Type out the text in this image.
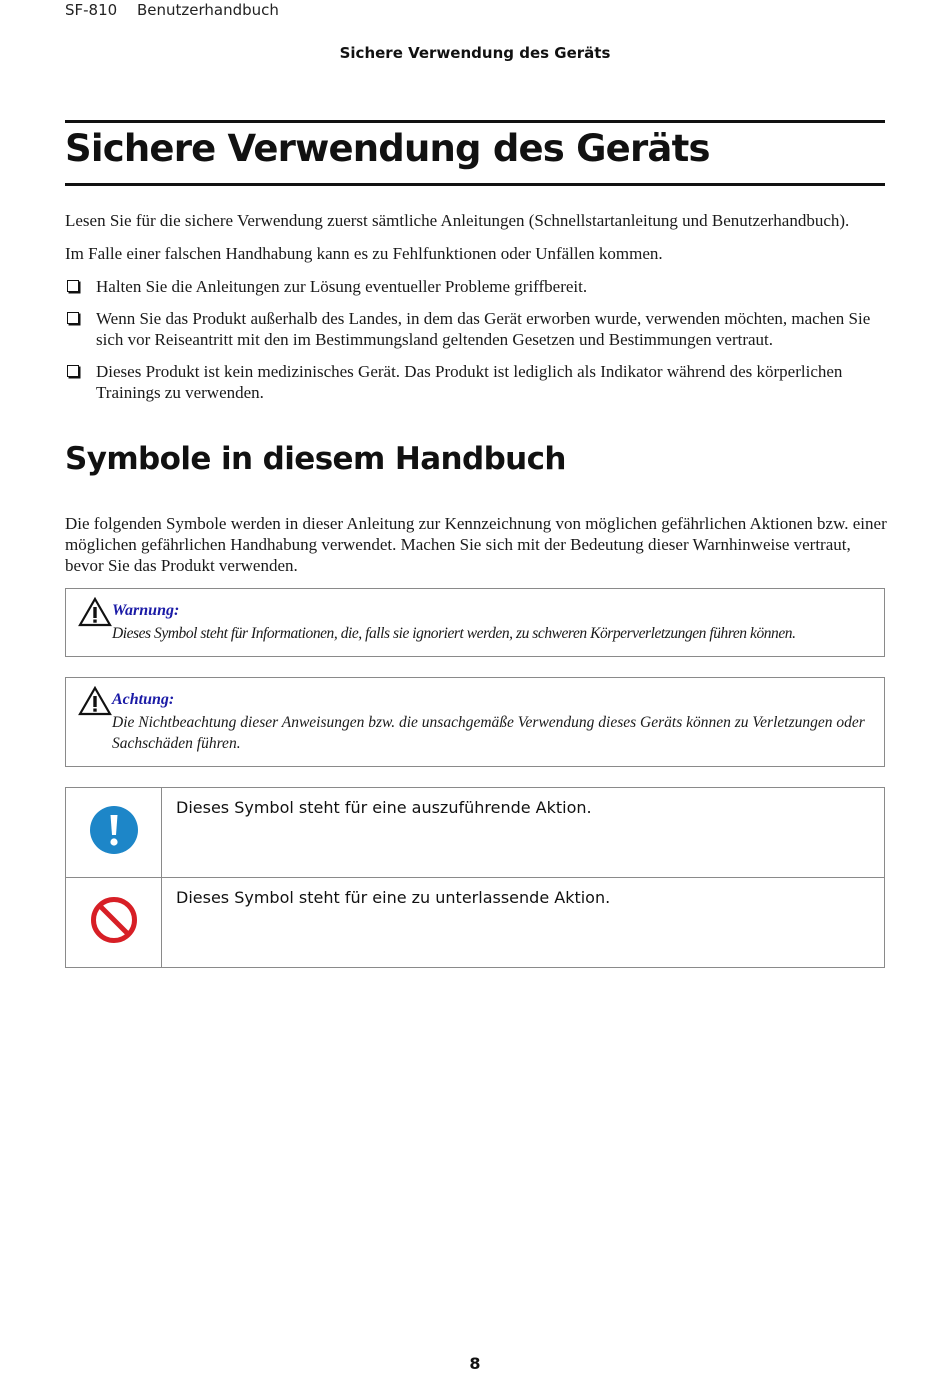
SF-810 Benutzerhandbuch
Sichere Verwendung des Geräts
Sichere Verwendung des Geräts
Lesen Sie für die sichere Verwendung zuerst sämtliche Anleitungen (Schnellstartanleitung und Benutzerhandbuch).
Im Falle einer falschen Handhabung kann es zu Fehlfunktionen oder Unfällen kommen.
Halten Sie die Anleitungen zur Lösung eventueller Probleme griffbereit.
Wenn Sie das Produkt außerhalb des Landes, in dem das Gerät erworben wurde, verwenden möchten, machen Sie sich vor Reiseantritt mit den im Bestimmungsland geltenden Gesetzen und Bestimmungen vertraut.
Dieses Produkt ist kein medizinisches Gerät. Das Produkt ist lediglich als Indikator während des körperlichen Trainings zu verwenden.
Symbole in diesem Handbuch
Die folgenden Symbole werden in dieser Anleitung zur Kennzeichnung von möglichen gefährlichen Aktionen bzw. einer möglichen gefährlichen Handhabung verwendet. Machen Sie sich mit der Bedeutung dieser Warnhinweise vertraut, bevor Sie das Produkt verwenden.
Warnung:
Dieses Symbol steht für Informationen, die, falls sie ignoriert werden, zu schweren Körperverletzungen führen können.
Achtung:
Die Nichtbeachtung dieser Anweisungen bzw. die unsachgemäße Verwendung dieses Geräts können zu Verletzungen oder Sachschäden führen.
	Dieses Symbol steht für eine auszuführende Aktion.
	Dieses Symbol steht für eine zu unterlassende Aktion.
8
